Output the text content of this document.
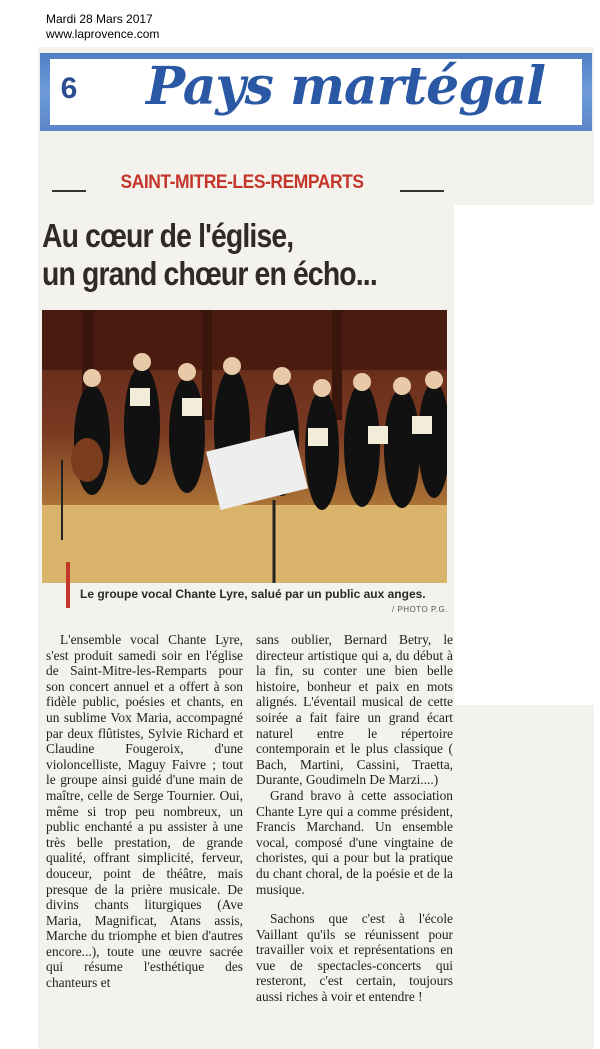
Mardi 28 Mars 2017
www.laprovence.com
6 Pays martégal
SAINT-MITRE-LES-REMPARTS
Au cœur de l'église,
un grand chœur en écho...
Le groupe vocal Chante Lyre, salué par un public aux anges.
/ PHOTO P.G.

L'ensemble vocal Chante Lyre, s'est produit samedi soir en l'église de Saint-Mitre-les-Remparts pour son concert annuel et a offert à son fidèle public, poésies et chants, en un sublime Vox Maria, accompagné par deux flûtistes, Sylvie Richard et Claudine Fougeroix, d'une violoncelliste, Maguy Faivre ; tout le groupe ainsi guidé d'une main de maître, celle de Serge Tournier. Oui, même si trop peu nombreux, un public enchanté a pu assister à une très belle prestation, de grande qualité, offrant simplicité, ferveur, douceur, point de théâtre, mais presque de la prière musicale. De divins chants liturgiques (Ave Maria, Magnificat, Atans assis, Marche du triomphe et bien d'autres encore...), toute une œuvre sacrée qui résume l'esthétique des chanteurs et

sans oublier, Bernard Betry, le directeur artistique qui a, du début à la fin, su conter une bien belle histoire, bonheur et paix en mots alignés. L'éventail musical de cette soirée a fait faire un grand écart naturel entre le répertoire contemporain et le plus classique ( Bach, Martini, Cassini, Traetta, Durante, Goudimeln De Marzi....)

Grand bravo à cette association Chante Lyre qui a comme président, Francis Marchand. Un ensemble vocal, composé d'une vingtaine de choristes, qui a pour but la pratique du chant choral, de la poésie et de la musique.

Sachons que c'est à l'école Vaillant qu'ils se réunissent pour travailler voix et représentations en vue de spectacles-concerts qui resteront, c'est certain, toujours aussi riches à voir et entendre !
